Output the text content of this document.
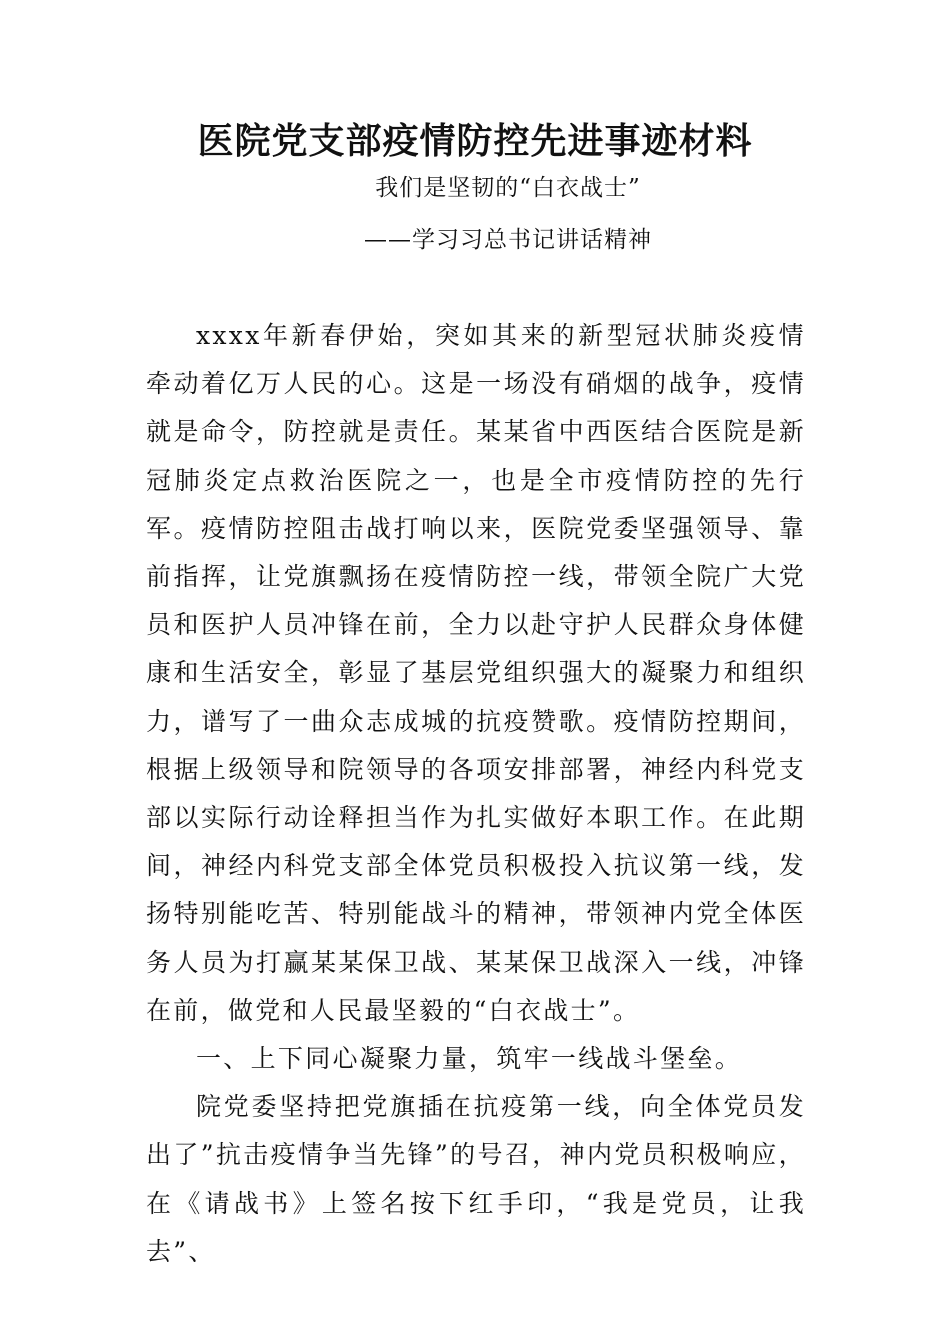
医院党支部疫情防控先进事迹材料
我们是坚韧的“白衣战士”
——学习习总书记讲话精神

xxxx年新春伊始，突如其来的新型冠状肺炎疫情牵动着亿万人民的心。这是一场没有硝烟的战争，疫情就是命令，防控就是责任。某某省中西医结合医院是新冠肺炎定点救治医院之一，也是全市疫情防控的先行军。疫情防控阻击战打响以来，医院党委坚强领导、靠前指挥，让党旗飘扬在疫情防控一线，带领全院广大党员和医护人员冲锋在前，全力以赴守护人民群众身体健康和生活安全，彰显了基层党组织强大的凝聚力和组织力，谱写了一曲众志成城的抗疫赞歌。疫情防控期间，根据上级领导和院领导的各项安排部署，神经内科党支部以实际行动诠释担当作为扎实做好本职工作。在此期间，神经内科党支部全体党员积极投入抗议第一线，发扬特别能吃苦、特别能战斗的精神，带领神内党全体医务人员为打赢某某保卫战、某某保卫战深入一线，冲锋在前，做党和人民最坚毅的“白衣战士”。

一、上下同心凝聚力量，筑牢一线战斗堡垒。

院党委坚持把党旗插在抗疫第一线，向全体党员发出了”抗击疫情争当先锋”的号召，神内党员积极响应，在《请战书》上签名按下红手印，“我是党员，让我去”、
